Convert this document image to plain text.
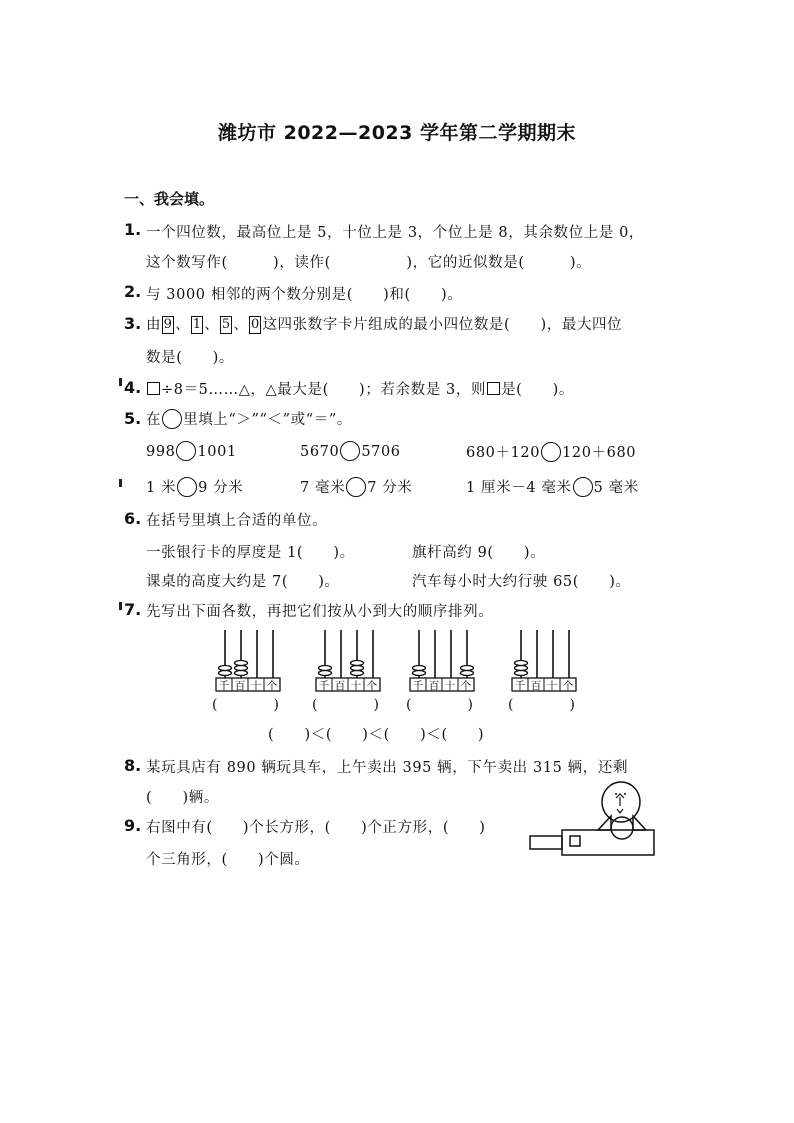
潍坊市 2022—2023 学年第二学期期末
一、我会填。
1. 一个四位数，最高位上是 5，十位上是 3，个位上是 8，其余数位上是 0，
这个数写作(　　　)，读作(　　　　　)，它的近似数是(　　　)。
2. 与 3000 相邻的两个数分别是(　　)和(　　)。
3. 由 9 、 1 、 5 、 0 这四张数字卡片组成的最小四位数是(　　)，最大四位
数是(　　)。
4.	÷8＝5……△，△最大是(　　)；若余数是 3，则 是(　　)。
5. 在 里填上“＞”“＜”或“＝”。
998 1001	5670 5706	680＋120 120＋680
1 米 9 分米	7 毫米 7 分米	1 厘米－4 毫米 5 毫米
6. 在括号里填上合适的单位。
一张银行卡的厚度是 1(　　)。	旗杆高约 9(　　)。
课桌的高度大约是 7(　　)。	汽车每小时大约行驶 65(　　)。
7. 先写出下面各数，再把它们按从小到大的顺序排列。
千 百 十 个
(　　　　)
千 百 十 个
(　　　　)
千 百 十 个
(　　　　)
千 百 十 个
(　　　　)
(　　)＜(　　)＜(　　)＜(　　)
8. 某玩具店有 890 辆玩具车，上午卖出 395 辆，下午卖出 315 辆，还剩
(　　)辆。
9. 右图中有(　　)个长方形，(　　)个正方形，(　　)
个三角形，(　　)个圆。
